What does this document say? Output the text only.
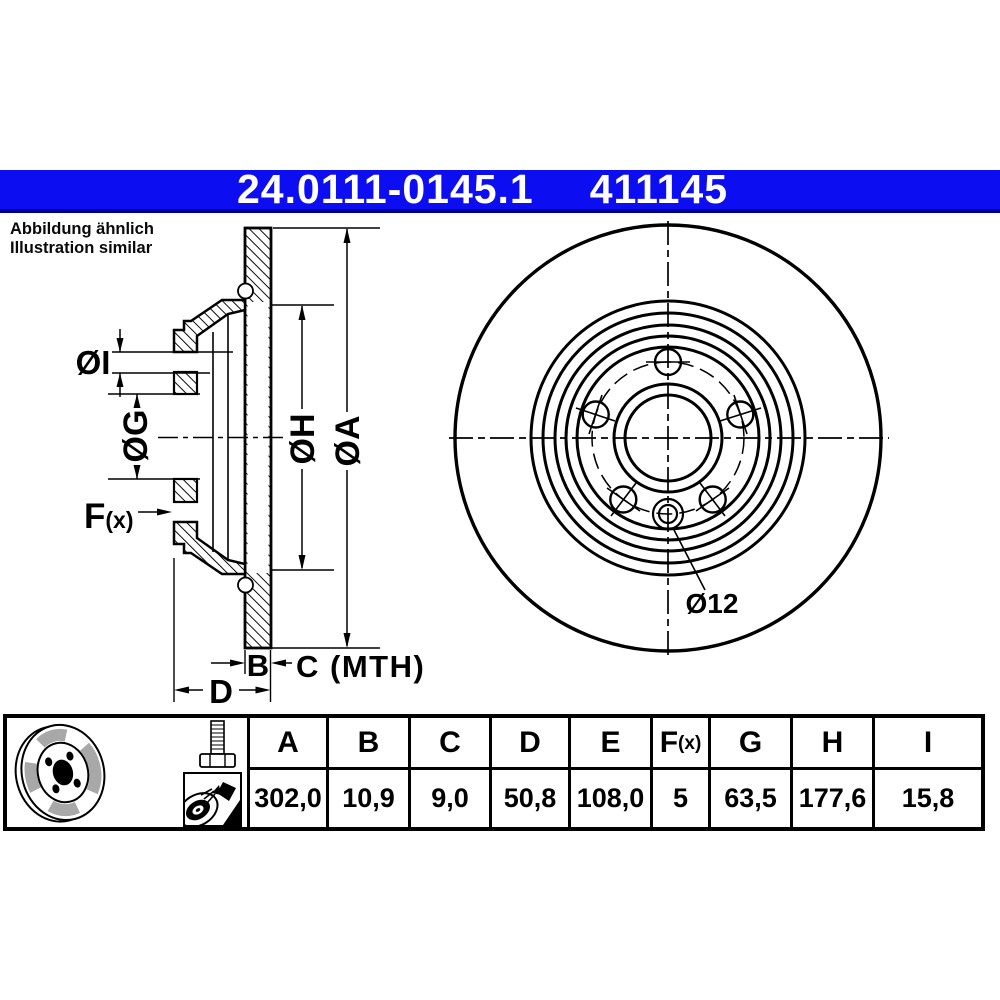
24.0111-0145.1 411145
Abbildung ähnlich
Illustration similar
ØI
ØG	ØH ØA
F(x)
B C (MTH)
D
Ø12
A B C D E F (x) G H	I
302,0 10,9	9,0	50,8 108,0	5	63,5 177,6	15,8
